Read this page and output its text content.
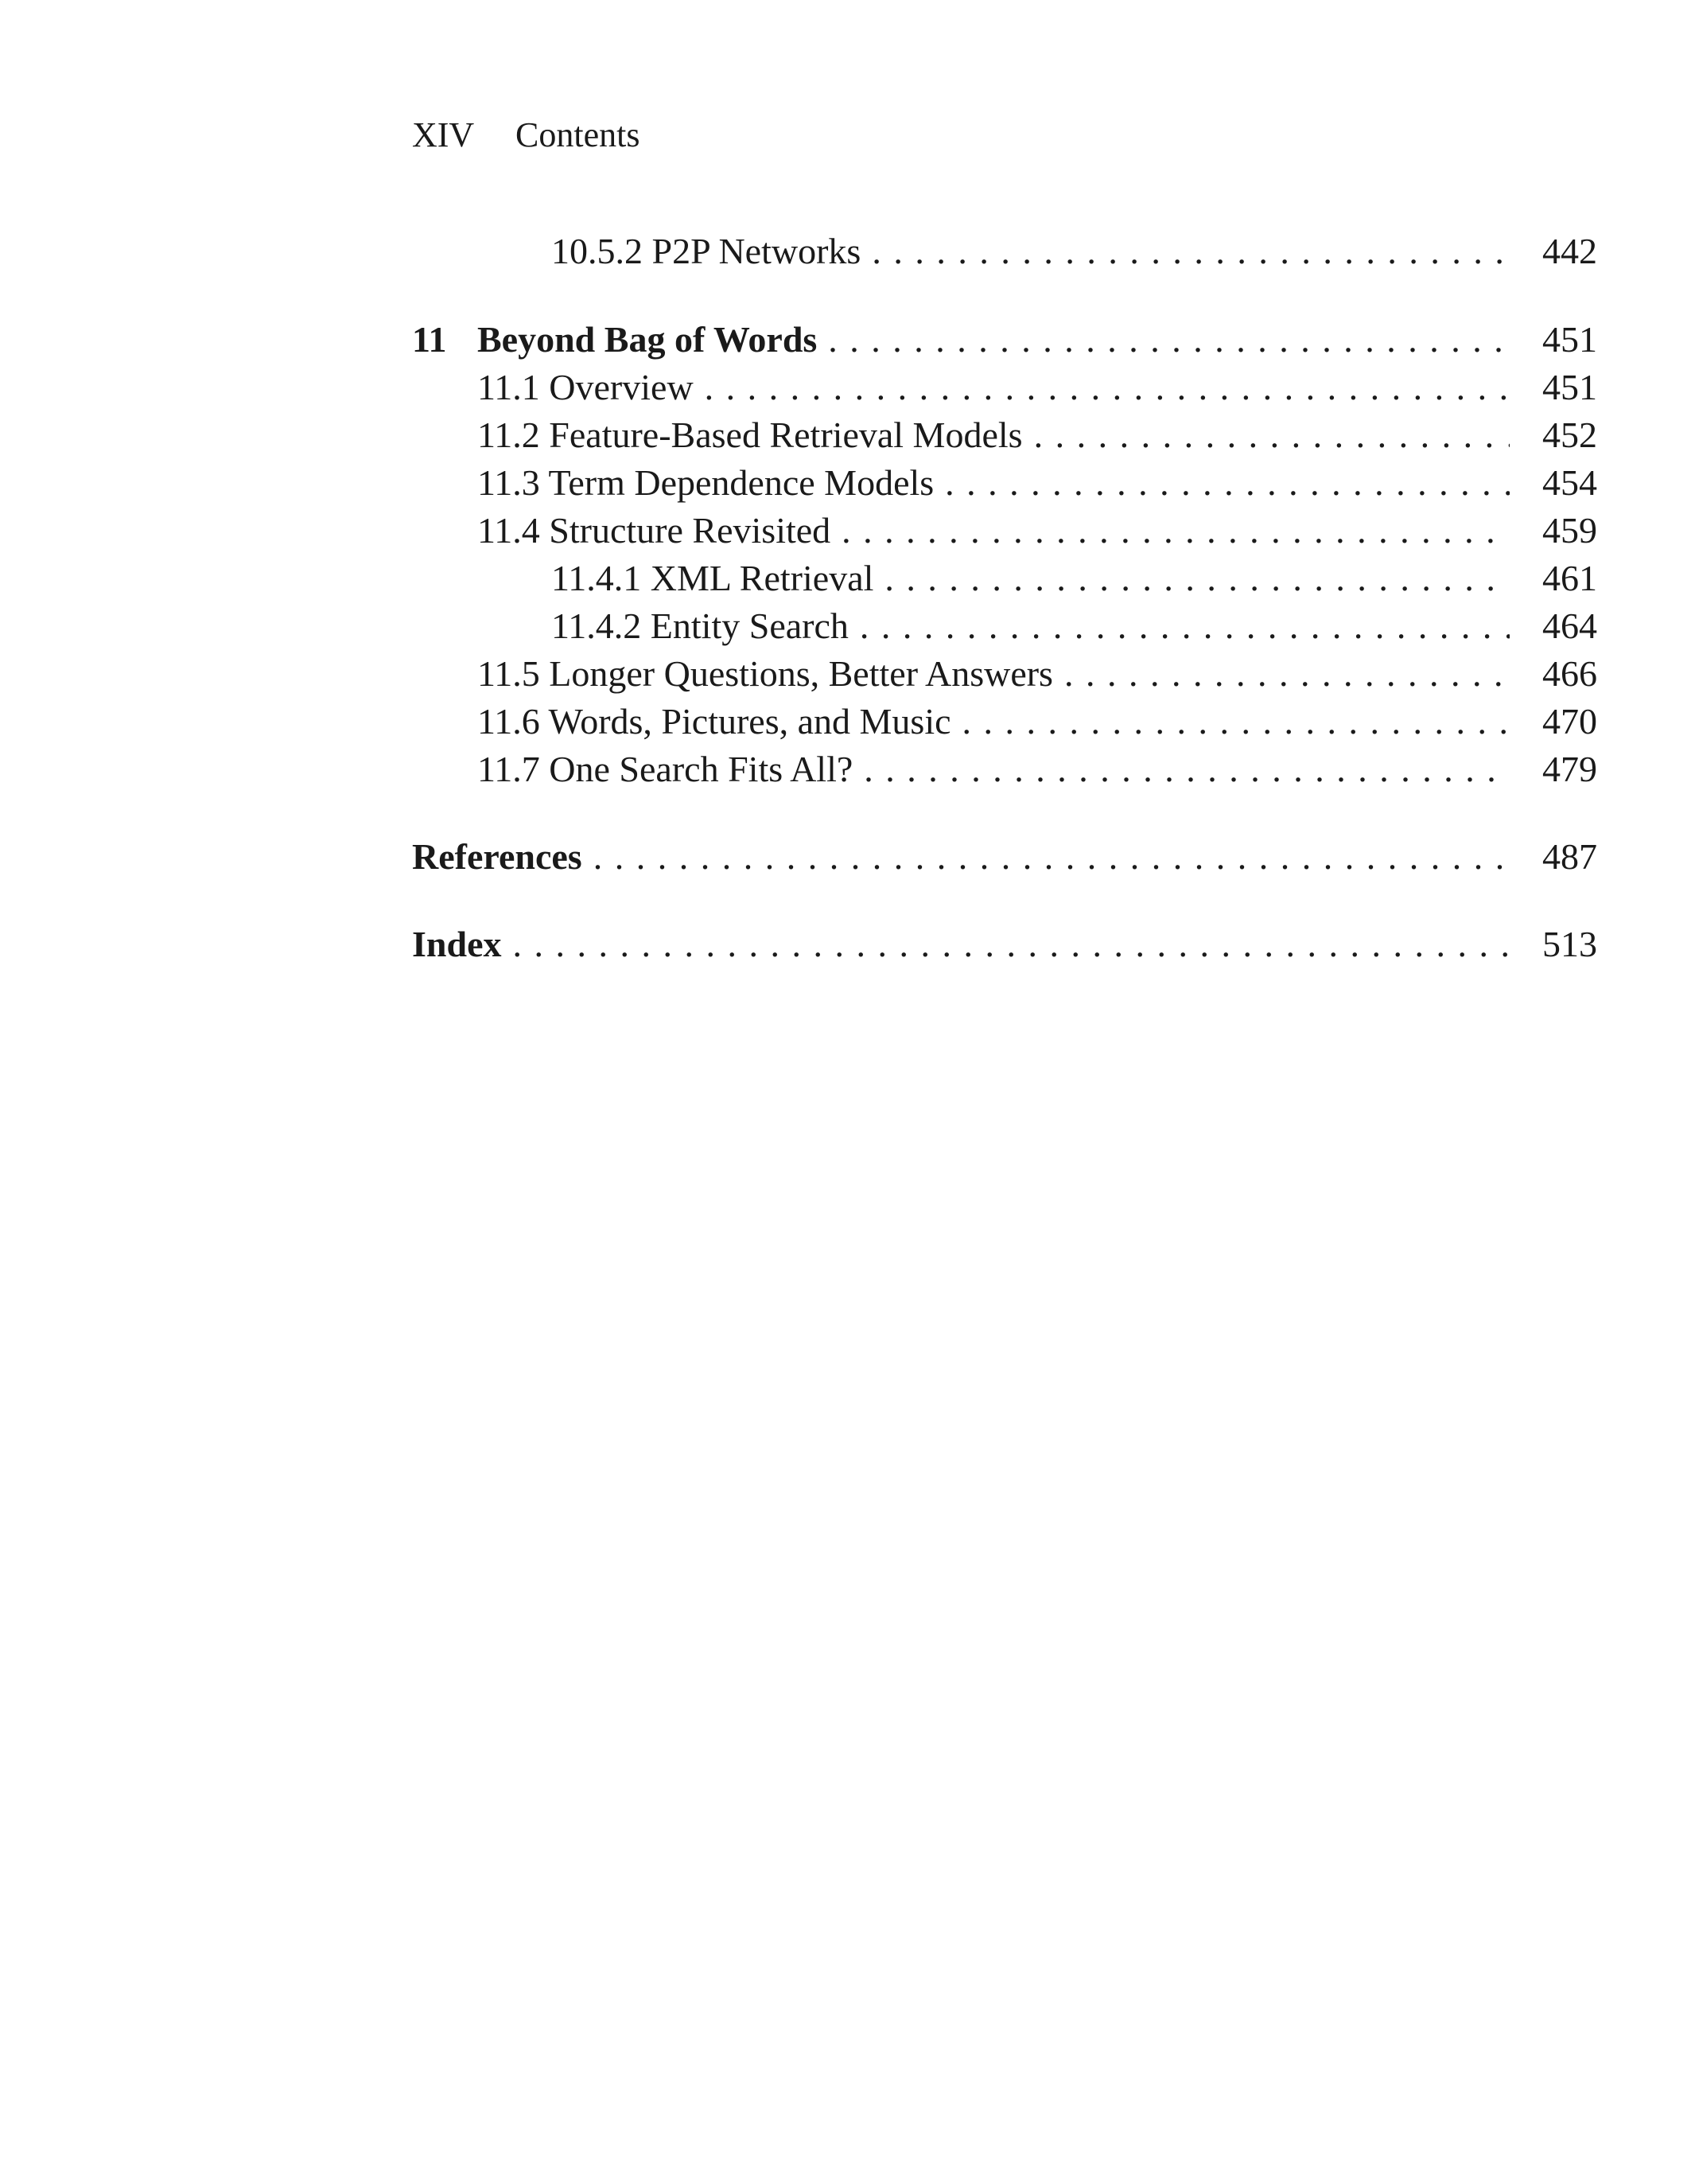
XIV Contents
10.5.2 P2P Networks . . .	442
11 Beyond Bag of Words . . .	451
11.1 Overview . . .	451
11.2 Feature-Based Retrieval Models . . .	452
11.3 Term Dependence Models . . .	454
11.4 Structure Revisited . . .	459
11.4.1 XML Retrieval . . .	461
11.4.2 Entity Search . . .	464
11.5 Longer Questions, Better Answers . . .	466
11.6 Words, Pictures, and Music . . .	470
11.7 One Search Fits All? . . .	479
References . . .	487
Index . . .	513
